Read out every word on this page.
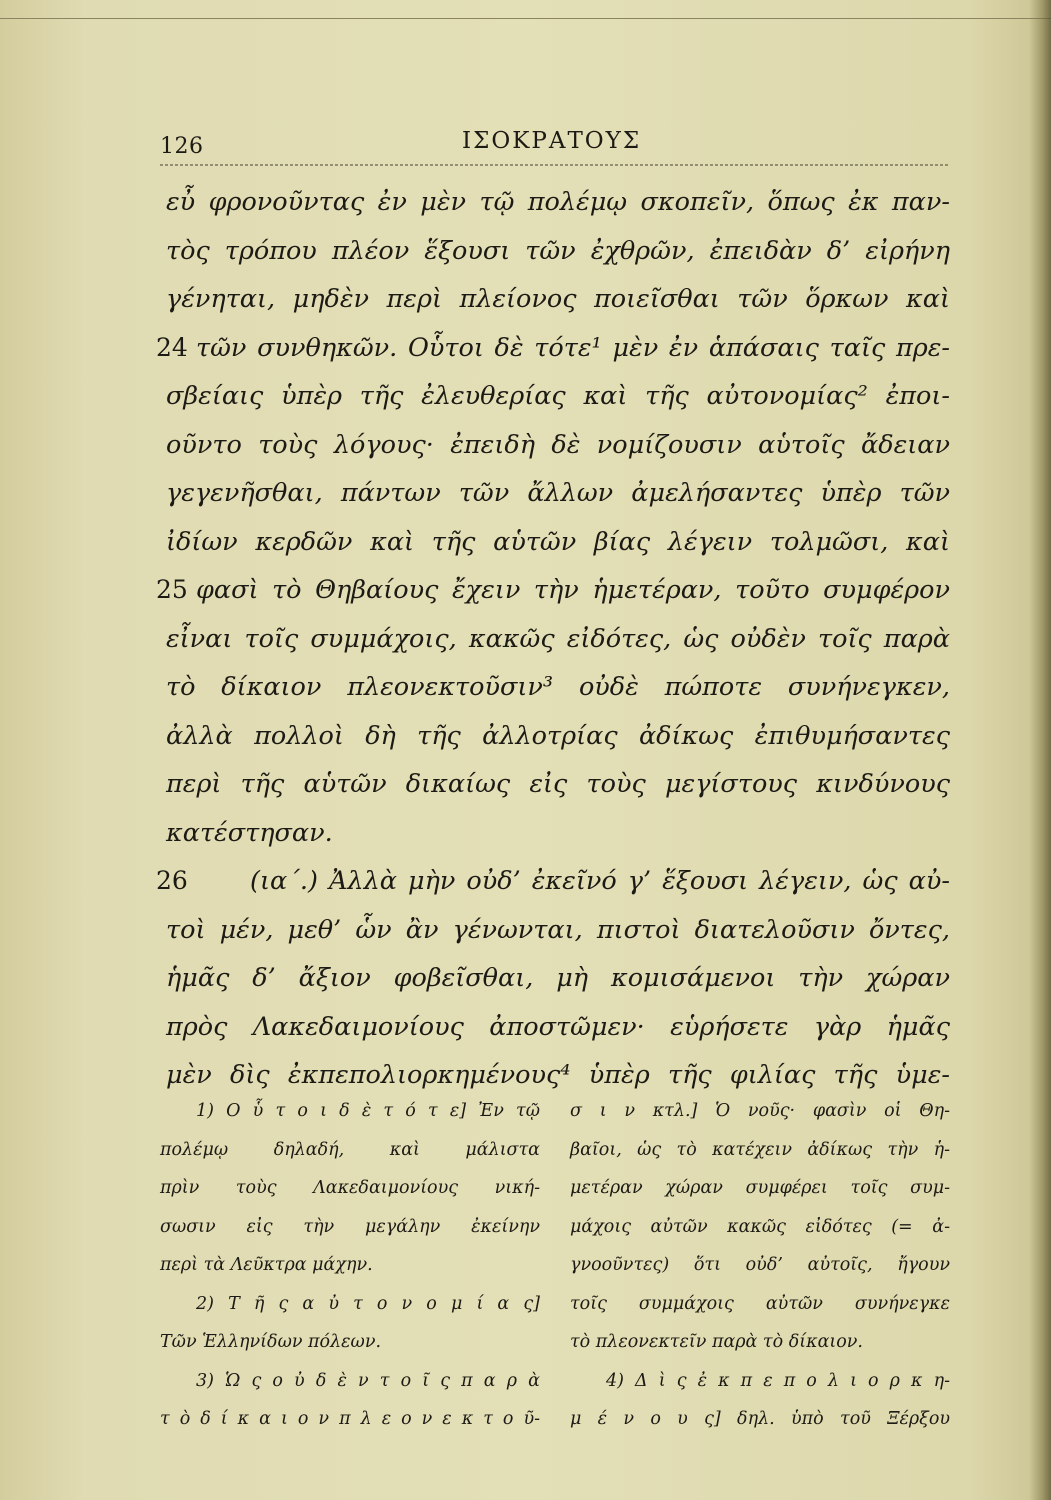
126	ΙΣΟΚΡΑΤΟΥΣ
εὖ φρονοῦντας ἐν μὲν τῷ πολέμῳ σκοπεῖν, ὅπως ἐκ παν-
τὸς τρόπου πλέον ἕξουσι τῶν ἐχθρῶν, ἐπειδὰν δ’ εἰρήνη
γένηται, μηδὲν περὶ πλείονος ποιεῖσθαι τῶν ὅρκων καὶ
24 τῶν συνθηκῶν. Οὗτοι δὲ τότε¹ μὲν ἐν ἁπάσαις ταῖς πρε-
σβείαις ὑπὲρ τῆς ἐλευθερίας καὶ τῆς αὐτονομίας² ἐποι-
οῦντο τοὺς λόγους· ἐπειδὴ δὲ νομίζουσιν αὑτοῖς ἄδειαν
γεγενῆσθαι, πάντων τῶν ἄλλων ἀμελήσαντες ὑπὲρ τῶν
ἰδίων κερδῶν καὶ τῆς αὑτῶν βίας λέγειν τολμῶσι, καὶ
25 φασὶ τὸ Θηβαίους ἔχειν τὴν ἡμετέραν, τοῦτο συμφέρον
εἶναι τοῖς συμμάχοις, κακῶς εἰδότες, ὡς οὐδὲν τοῖς παρὰ
τὸ δίκαιον πλεονεκτοῦσιν³ οὐδὲ πώποτε συνήνεγκεν,
ἀλλὰ πολλοὶ δὴ τῆς ἀλλοτρίας ἀδίκως ἐπιθυμήσαντες
περὶ τῆς αὑτῶν δικαίως εἰς τοὺς μεγίστους κινδύνους
κατέστησαν.
26 (ια΄.) Ἀλλὰ μὴν οὐδ’ ἐκεῖνό γ’ ἕξουσι λέγειν, ὡς αὐ-
τοὶ μέν, μεθ’ ὧν ἂν γένωνται, πιστοὶ διατελοῦσιν ὄντες,
ἡμᾶς δ’ ἄξιον φοβεῖσθαι, μὴ κομισάμενοι τὴν χώραν
πρὸς Λακεδαιμονίους ἀποστῶμεν· εὑρήσετε γὰρ ἡμᾶς
μὲν δὶς ἐκπεπολιορκημένους⁴ ὑπὲρ τῆς φιλίας τῆς ὑμε-
1) Ο ὗ τ ο ι δ ὲ τ ό τ ε] Ἐν τῷ
πολέμῳ δηλαδή, καὶ μάλιστα
πρὶν τοὺς Λακεδαιμονίους νική-
σωσιν εἰς τὴν μεγάλην ἐκείνην
περὶ τὰ Λεῦκτρα μάχην.
2) Τ ῆ ς α ὐ τ ο ν ο μ ί α ς]
Τῶν Ἑλληνίδων πόλεων.
3) Ὡ ς ο ὐ δ ὲ ν τ ο ῖ ς π α ρ ὰ
τ ὸ δ ί κ α ι ο ν π λ ε ο ν ε κ τ ο ῦ-
σ ι ν κτλ.] Ὁ νοῦς· φασὶν οἱ Θη-
βαῖοι, ὡς τὸ κατέχειν ἀδίκως τὴν ἡ-
μετέραν χώραν συμφέρει τοῖς συμ-
μάχοις αὐτῶν κακῶς εἰδότες (= ἀ-
γνοοῦντες) ὅτι οὐδ’ αὐτοῖς, ἤγουν
τοῖς συμμάχοις αὐτῶν συνήνεγκε
τὸ πλεονεκτεῖν παρὰ τὸ δίκαιον.
4) Δ ὶ ς ἐ κ π ε π ο λ ι ο ρ κ η-
μ έ ν ο υ ς] δηλ. ὑπὸ τοῦ Ξέρξου
